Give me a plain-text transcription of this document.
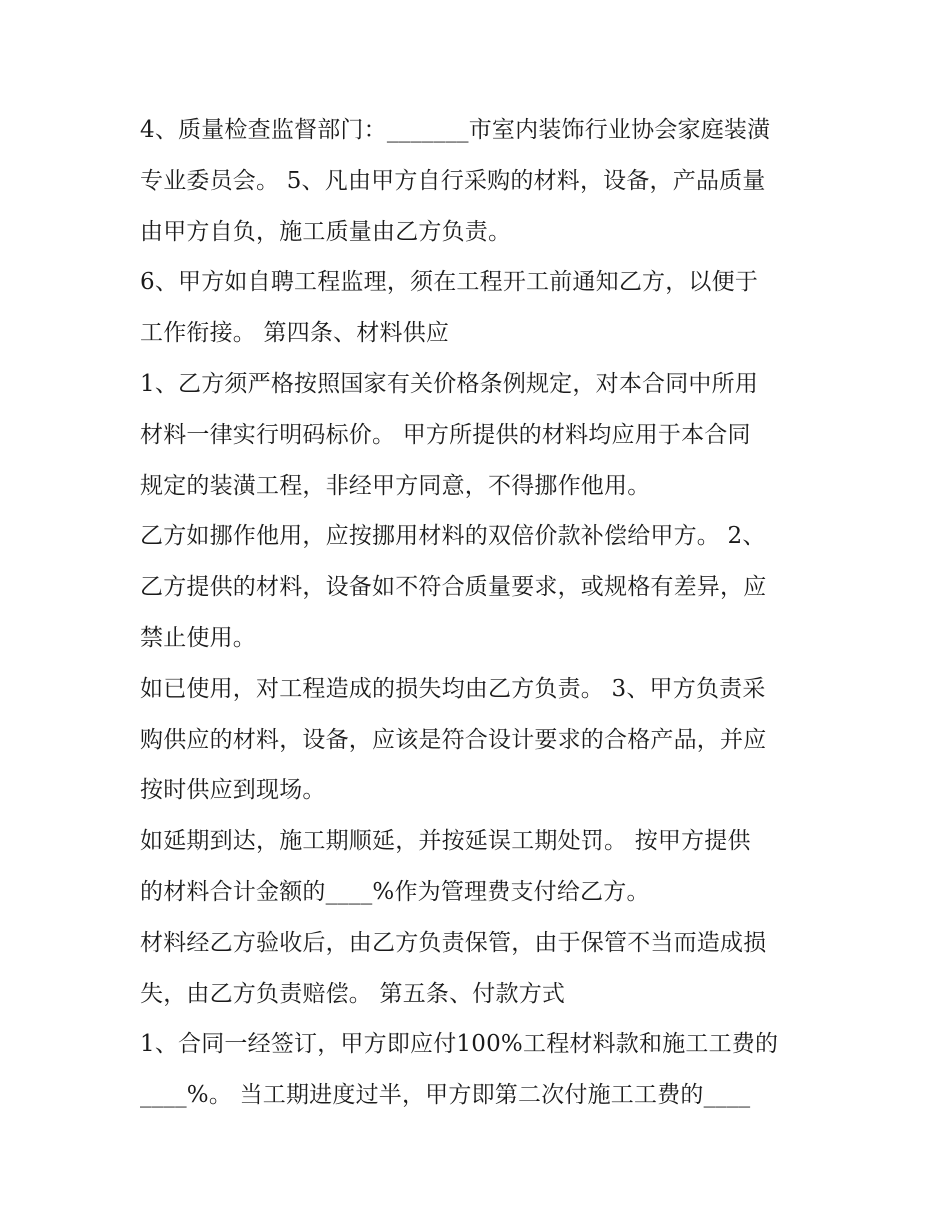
4、质量检查监督部门：_______市室内装饰行业协会家庭装潢
专业委员会。 5、凡由甲方自行采购的材料，设备，产品质量
由甲方自负，施工质量由乙方负责。
6、甲方如自聘工程监理，须在工程开工前通知乙方，以便于
工作衔接。 第四条、材料供应
1、乙方须严格按照国家有关价格条例规定，对本合同中所用
材料一律实行明码标价。 甲方所提供的材料均应用于本合同
规定的装潢工程，非经甲方同意，不得挪作他用。
乙方如挪作他用，应按挪用材料的双倍价款补偿给甲方。 2、
乙方提供的材料，设备如不符合质量要求，或规格有差异，应
禁止使用。
如已使用，对工程造成的损失均由乙方负责。 3、甲方负责采
购供应的材料，设备，应该是符合设计要求的合格产品，并应
按时供应到现场。
如延期到达，施工期顺延，并按延误工期处罚。 按甲方提供
的材料合计金额的____%作为管理费支付给乙方。
材料经乙方验收后，由乙方负责保管，由于保管不当而造成损
失，由乙方负责赔偿。 第五条、付款方式
1、合同一经签订，甲方即应付100%工程材料款和施工工费的
____%。 当工期进度过半，甲方即第二次付施工工费的____
